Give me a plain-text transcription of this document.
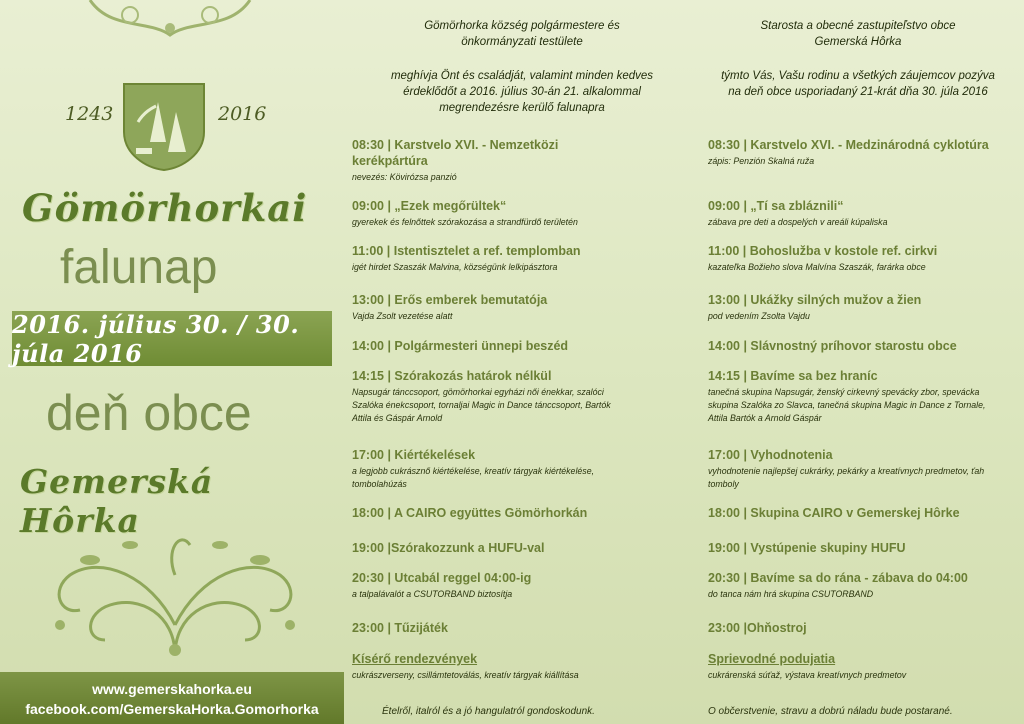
1243	2016
Gömörhorkai
falunap
2016. július 30. / 30. júla 2016
deň obce
Gemerská Hôrka
www.gemerskahorka.eu
facebook.com/GemerskaHorka.Gomorhorka

Gömörhorka község polgármestere és önkormányzati testülete

meghívja Önt és családját, valamint minden kedves érdeklődőt a 2016. július 30-án 21. alkalommal megrendezésre kerülő falunapra

08:30 | Karstvelo XVI. - Nemzetközi kerékpártúra
nevezés: Kövirózsa panzió
09:00 | „Ezek megőrültek“
gyerekek és felnőttek szórakozása a strandfürdő területén
11:00 | Istentisztelet a ref. templomban
igét hirdet Szaszák Malvina, községünk lelkipásztora
13:00 | Erős emberek bemutatója
Vajda Zsolt vezetése alatt
14:00 | Polgármesteri ünnepi beszéd
14:15 | Szórakozás határok nélkül
Napsugár tánccsoport, gömörhorkai egyházi női énekkar, szalóci Szalóka énekcsoport, tornaljai Magic in Dance tánccsoport, Bartók Attila és Gáspár Arnold
17:00 | Kiértékelések
a legjobb cukrásznő kiértékelése, kreatív tárgyak kiértékelése, tombolahúzás
18:00 | A CAIRO együttes Gömörhorkán
19:00 |Szórakozzunk a HUFU-val
20:30 | Utcabál reggel 04:00-ig
a talpalávalót a CSUTORBAND biztosítja
23:00 | Tűzijáték
Kísérő rendezvények
cukrászverseny, csillámtetoválás, kreatív tárgyak kiállítása
Ételről, italról és a jó hangulatról gondoskodunk.

Starosta a obecné zastupiteľstvo obce Gemerská Hôrka

týmto Vás, Vašu rodinu a všetkých záujemcov pozýva na deň obce usporiadaný 21-krát dňa 30. júla 2016

08:30 | Karstvelo XVI. - Medzinárodná cyklotúra
zápis: Penzión Skalná ruža
09:00 | „Tí sa zbláznili“
zábava pre deti a dospelých v areáli kúpaliska
11:00 | Bohoslužba v kostole ref. cirkvi
kazateľka Božieho slova Malvína Szaszák, farárka obce
13:00 | Ukážky silných mužov a žien
pod vedením Zsolta Vajdu
14:00 | Slávnostný príhovor starostu obce
14:15 | Bavíme sa bez hraníc
tanečná skupina Napsugár, ženský cirkevný spevácky zbor, spevácka skupina Szalóka zo Slavca, tanečná skupina Magic in Dance z Tornale, Attila Bartók a Arnold Gáspár
17:00 | Vyhodnotenia
vyhodnotenie najlepšej cukrárky, pekárky a kreatívnych predmetov, ťah tomboly
18:00 | Skupina CAIRO v Gemerskej Hôrke
19:00 | Vystúpenie skupiny HUFU
20:30 | Bavíme sa do rána - zábava do 04:00
do tanca nám hrá skupina CSUTORBAND
23:00 |Ohňostroj
Sprievodné podujatia
cukrárenská súťaž, výstava kreatívnych predmetov
O občerstvenie, stravu a dobrú náladu bude postarané.
